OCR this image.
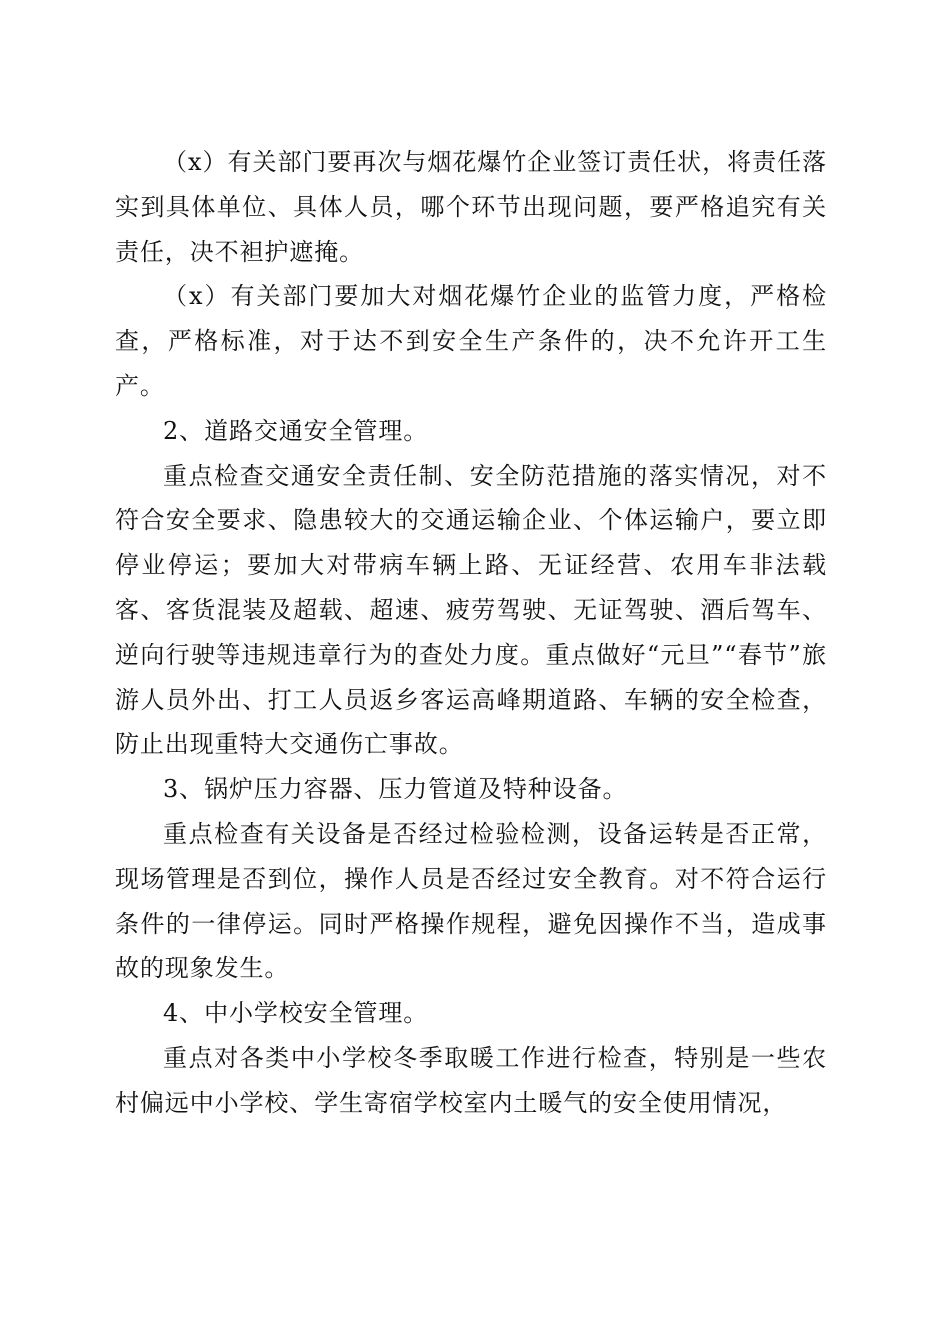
（x）有关部门要再次与烟花爆竹企业签订责任状，将责任落实到具体单位、具体人员，哪个环节出现问题，要严格追究有关责任，决不袒护遮掩。

（x）有关部门要加大对烟花爆竹企业的监管力度，严格检查，严格标准，对于达不到安全生产条件的，决不允许开工生产。

2、道路交通安全管理。

重点检查交通安全责任制、安全防范措施的落实情况，对不符合安全要求、隐患较大的交通运输企业、个体运输户，要立即停业停运；要加大对带病车辆上路、无证经营、农用车非法载客、客货混装及超载、超速、疲劳驾驶、无证驾驶、酒后驾车、逆向行驶等违规违章行为的查处力度。重点做好“元旦”“春节”旅游人员外出、打工人员返乡客运高峰期道路、车辆的安全检查，防止出现重特大交通伤亡事故。

3、锅炉压力容器、压力管道及特种设备。

重点检查有关设备是否经过检验检测，设备运转是否正常，现场管理是否到位，操作人员是否经过安全教育。对不符合运行条件的一律停运。同时严格操作规程，避免因操作不当，造成事故的现象发生。

4、中小学校安全管理。

重点对各类中小学校冬季取暖工作进行检查，特别是一些农村偏远中小学校、学生寄宿学校室内土暖气的安全使用情况，
